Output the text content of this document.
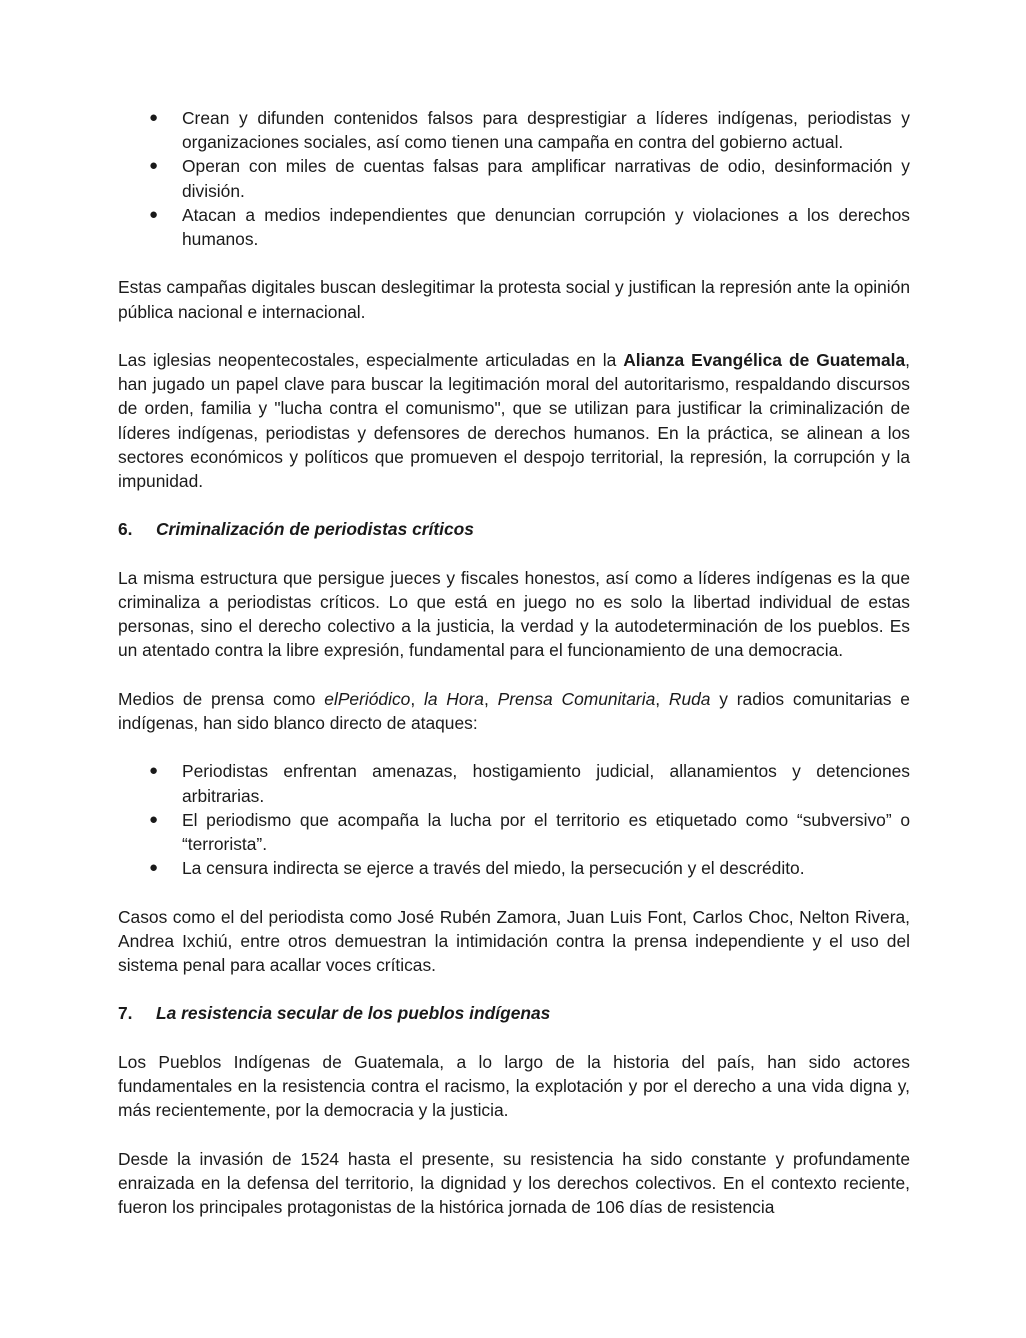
● Crean y difunden contenidos falsos para desprestigiar a líderes indígenas, periodistas y organizaciones sociales, así como tienen una campaña en contra del gobierno actual.
● Operan con miles de cuentas falsas para amplificar narrativas de odio, desinformación y división.
● Atacan a medios independientes que denuncian corrupción y violaciones a los derechos humanos.

Estas campañas digitales buscan deslegitimar la protesta social y justifican la represión ante la opinión pública nacional e internacional.

Las iglesias neopentecostales, especialmente articuladas en la Alianza Evangélica de Guatemala, han jugado un papel clave para buscar la legitimación moral del autoritarismo, respaldando discursos de orden, familia y "lucha contra el comunismo", que se utilizan para justificar la criminalización de líderes indígenas, periodistas y defensores de derechos humanos. En la práctica, se alinean a los sectores económicos y políticos que promueven el despojo territorial, la represión, la corrupción y la impunidad.

6. Criminalización de periodistas críticos

La misma estructura que persigue jueces y fiscales honestos, así como a líderes indígenas es la que criminaliza a periodistas críticos. Lo que está en juego no es solo la libertad individual de estas personas, sino el derecho colectivo a la justicia, la verdad y la autodeterminación de los pueblos. Es un atentado contra la libre expresión, fundamental para el funcionamiento de una democracia.

Medios de prensa como elPeriódico, la Hora, Prensa Comunitaria, Ruda y radios comunitarias e indígenas, han sido blanco directo de ataques:

● Periodistas enfrentan amenazas, hostigamiento judicial, allanamientos y detenciones arbitrarias.
● El periodismo que acompaña la lucha por el territorio es etiquetado como “subversivo” o “terrorista”.
● La censura indirecta se ejerce a través del miedo, la persecución y el descrédito.

Casos como el del periodista como José Rubén Zamora, Juan Luis Font, Carlos Choc, Nelton Rivera, Andrea Ixchiú, entre otros demuestran la intimidación contra la prensa independiente y el uso del sistema penal para acallar voces críticas.

7. La resistencia secular de los pueblos indígenas

Los Pueblos Indígenas de Guatemala, a lo largo de la historia del país, han sido actores fundamentales en la resistencia contra el racismo, la explotación y por el derecho a una vida digna y, más recientemente, por la democracia y la justicia.

Desde la invasión de 1524 hasta el presente, su resistencia ha sido constante y profundamente enraizada en la defensa del territorio, la dignidad y los derechos colectivos. En el contexto reciente, fueron los principales protagonistas de la histórica jornada de 106 días de resistencia
